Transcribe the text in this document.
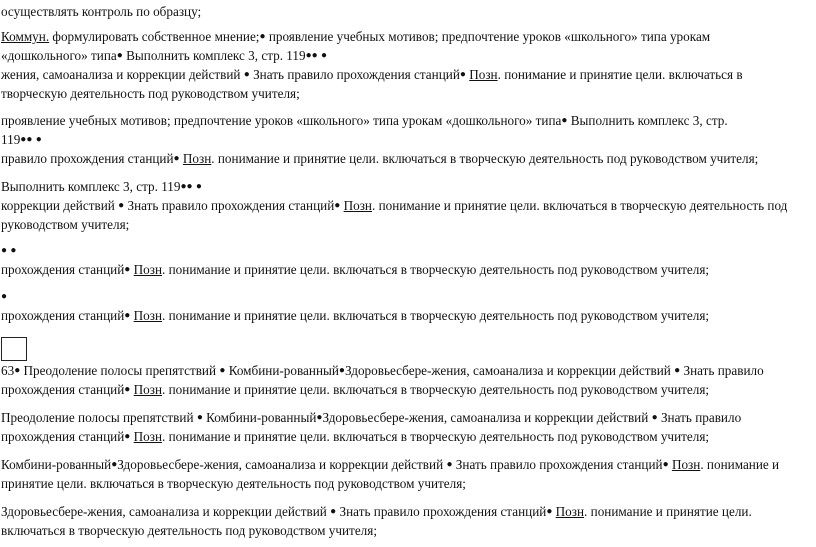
осуществлять контроль по образцу;
Коммун. формулировать собственное мнение;● проявление учебных мотивов; предпочтение уроков «школьного» типа урокам
«дошкольного» типа● Выполнить комплекс 3, стр. 119●● ●
жения, самоанализа и коррекции действий ● Знать правило прохождения станций● Позн. понимание и принятие цели. включаться в
творческую деятельность под руководством учителя;
проявление учебных мотивов; предпочтение уроков «школьного» типа урокам «дошкольного» типа● Выполнить комплекс 3, стр.
119●● ●
правило прохождения станций● Позн. понимание и принятие цели. включаться в творческую деятельность под руководством учителя;
Выполнить комплекс 3, стр. 119●● ●
коррекции действий ● Знать правило прохождения станций● Позн. понимание и принятие цели. включаться в творческую деятельность под
руководством учителя;
● ●
прохождения станций● Позн. понимание и принятие цели. включаться в творческую деятельность под руководством учителя;
●
прохождения станций● Позн. понимание и принятие цели. включаться в творческую деятельность под руководством учителя;
63● Преодоление полосы препятствий ● Комбини-рованный●Здоровьесбере-жения, самоанализа и коррекции действий ● Знать правило
прохождения станций● Позн. понимание и принятие цели. включаться в творческую деятельность под руководством учителя;
Преодоление полосы препятствий ● Комбини-рованный●Здоровьесбере-жения, самоанализа и коррекции действий ● Знать правило
прохождения станций● Позн. понимание и принятие цели. включаться в творческую деятельность под руководством учителя;
Комбини-рованный●Здоровьесбере-жения, самоанализа и коррекции действий ● Знать правило прохождения станций● Позн. понимание и
принятие цели. включаться в творческую деятельность под руководством учителя;
Здоровьесбере-жения, самоанализа и коррекции действий ● Знать правило прохождения станций● Позн. понимание и принятие цели.
включаться в творческую деятельность под руководством учителя;
